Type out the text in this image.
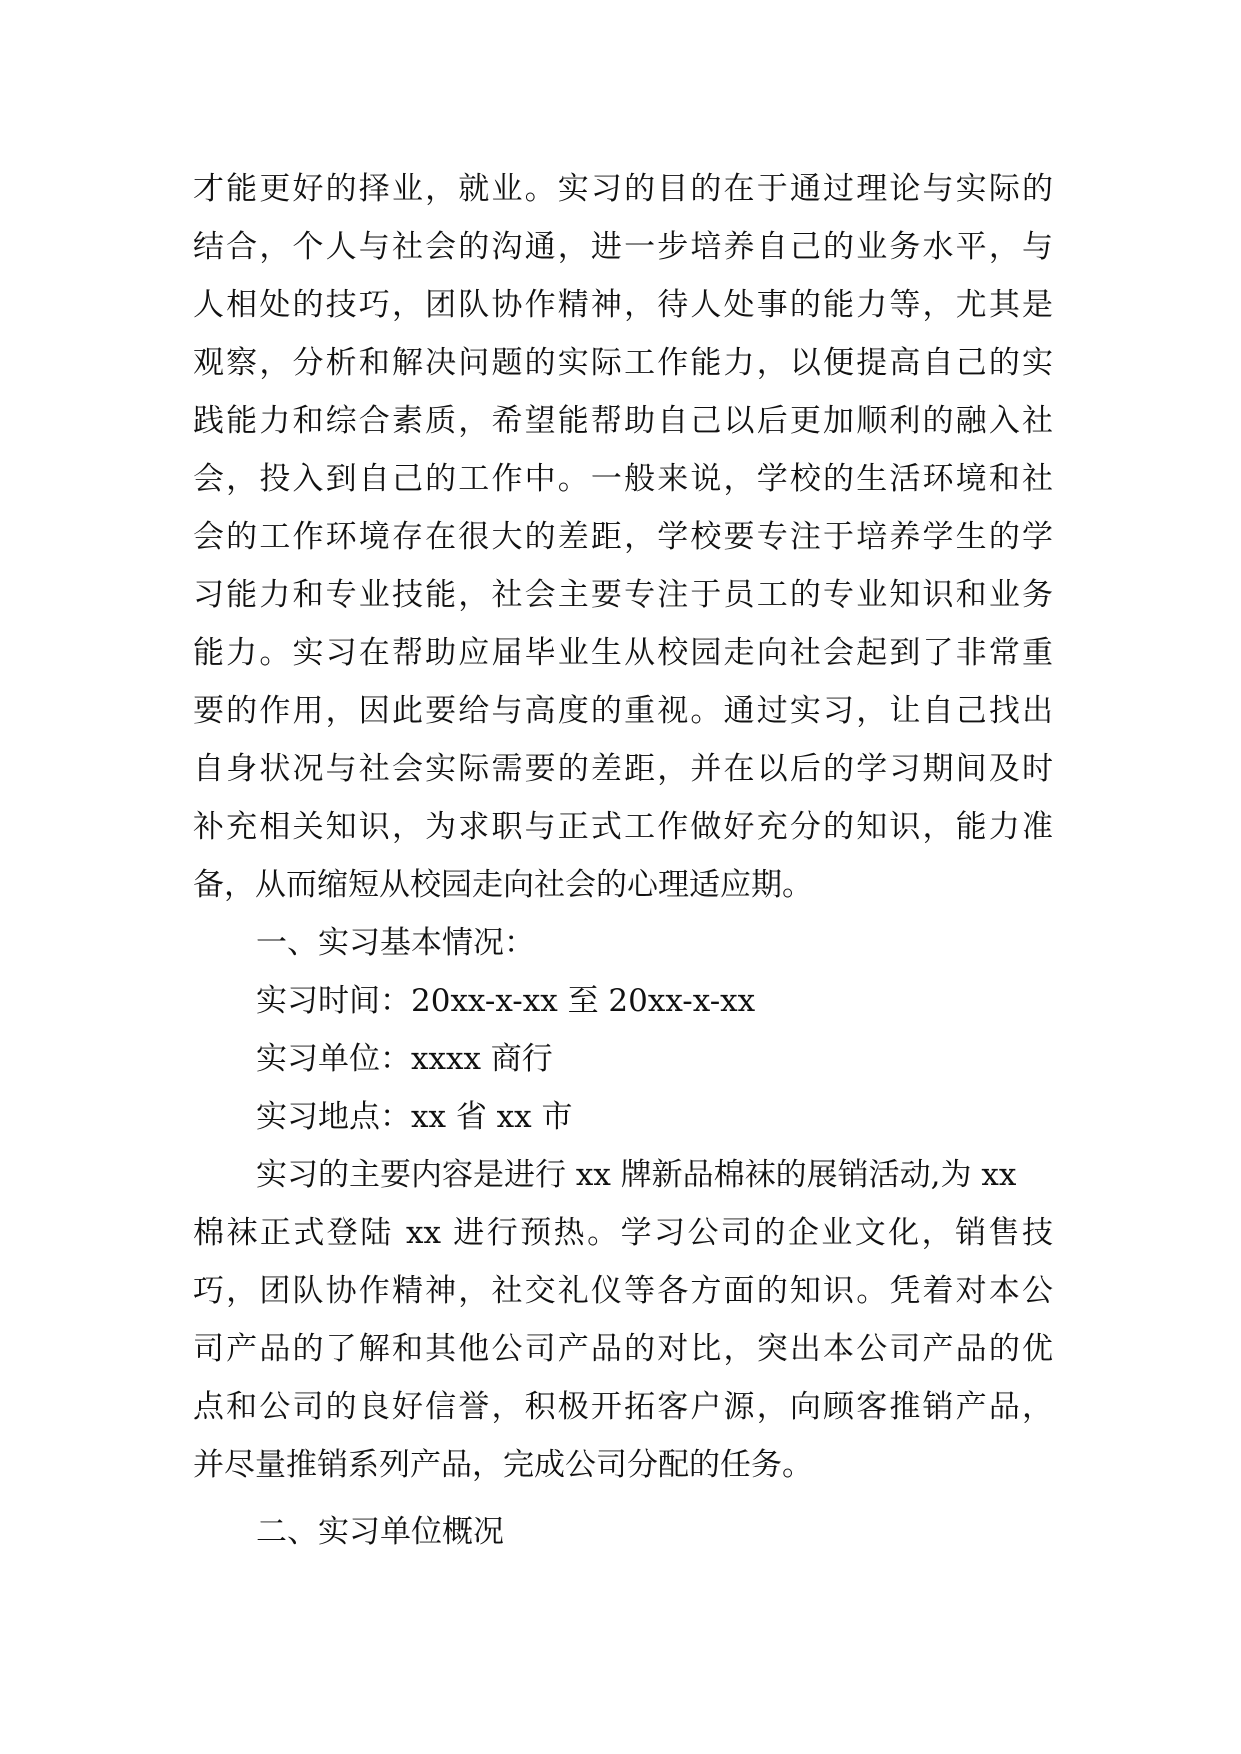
才能更好的择业，就业。实习的目的在于通过理论与实际的
结合，个人与社会的沟通，进一步培养自己的业务水平，与
人相处的技巧，团队协作精神，待人处事的能力等，尤其是
观察，分析和解决问题的实际工作能力，以便提高自己的实
践能力和综合素质，希望能帮助自己以后更加顺利的融入社
会，投入到自己的工作中。一般来说，学校的生活环境和社
会的工作环境存在很大的差距，学校要专注于培养学生的学
习能力和专业技能，社会主要专注于员工的专业知识和业务
能力。实习在帮助应届毕业生从校园走向社会起到了非常重
要的作用，因此要给与高度的重视。通过实习，让自己找出
自身状况与社会实际需要的差距，并在以后的学习期间及时
补充相关知识，为求职与正式工作做好充分的知识，能力准
备，从而缩短从校园走向社会的心理适应期。
一、实习基本情况：
实习时间：20xx-x-xx 至 20xx-x-xx
实习单位：xxxx 商行
实习地点：xx 省 xx 市
实习的主要内容是进行 xx 牌新品棉袜的展销活动,为 xx
棉袜正式登陆 xx 进行预热。学习公司的企业文化，销售技
巧，团队协作精神，社交礼仪等各方面的知识。凭着对本公
司产品的了解和其他公司产品的对比，突出本公司产品的优
点和公司的良好信誉，积极开拓客户源，向顾客推销产品，
并尽量推销系列产品，完成公司分配的任务。
二、实习单位概况
